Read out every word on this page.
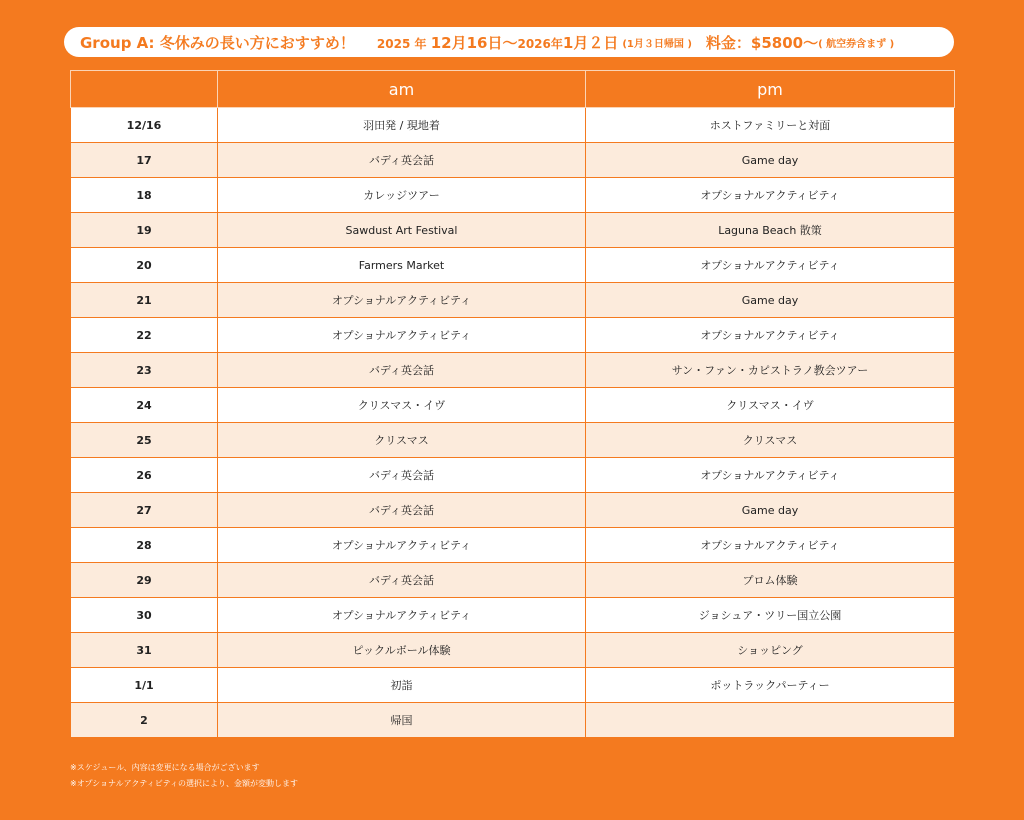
Group A: 冬休みの長い方におすすめ！ 2025 年 12月16日〜2026年1月２日 (1月３日帰国 ) 料金：$5800〜 ( 航空券含まず )
	am	pm
12/16	羽田発 / 現地着	ホストファミリーと対面
17	バディ英会話	Game day
18	カレッジツアー	オプショナルアクティビティ
19	Sawdust Art Festival	Laguna Beach 散策
20	Farmers Market	オプショナルアクティビティ
21	オプショナルアクティビティ	Game day
22	オプショナルアクティビティ	オプショナルアクティビティ
23	バディ英会話	サン・ファン・カピストラノ教会ツアー
24	クリスマス・イヴ	クリスマス・イヴ
25	クリスマス	クリスマス
26	バディ英会話	オプショナルアクティビティ
27	バディ英会話	Game day
28	オプショナルアクティビティ	オプショナルアクティビティ
29	バディ英会話	プロム体験
30	オプショナルアクティビティ	ジョシュア・ツリー国立公園
31	ピックルボール体験	ショッピング
1/1	初詣	ポットラックパーティー
2	帰国	
※スケジュール、内容は変更になる場合がございます
※オプショナルアクティビティの選択により、金額が変動します
